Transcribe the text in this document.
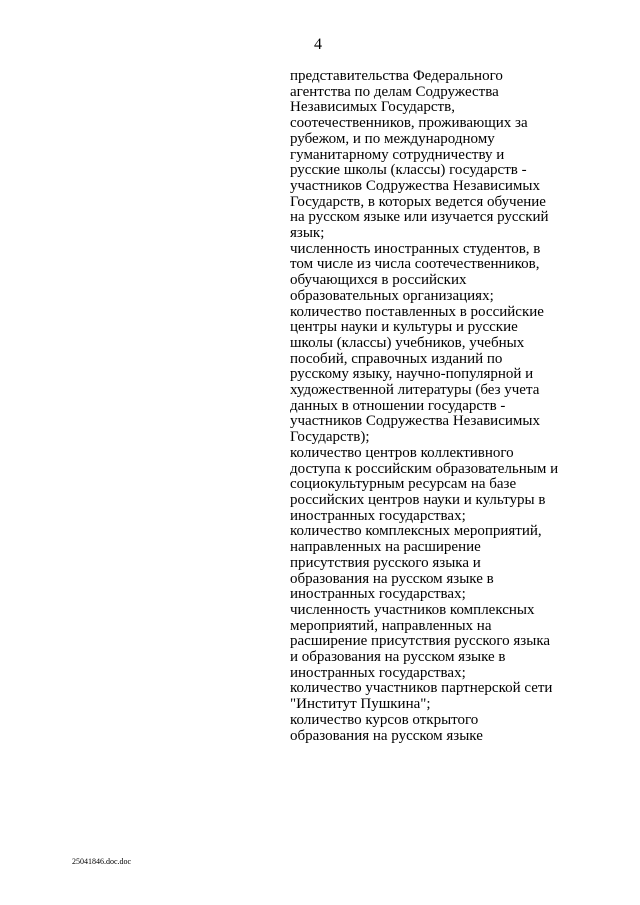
4
представительства Федерального
агентства по делам Содружества
Независимых Государств,
соотечественников, проживающих за
рубежом, и по международному
гуманитарному сотрудничеству и
русские школы (классы) государств -
участников Содружества Независимых
Государств, в которых ведется обучение
на русском языке или изучается русский
язык;
численность иностранных студентов, в
том числе из числа соотечественников,
обучающихся в российских
образовательных организациях;
количество поставленных в российские
центры науки и культуры и русские
школы (классы) учебников, учебных
пособий, справочных изданий по
русскому языку, научно-популярной и
художественной литературы (без учета
данных в отношении государств -
участников Содружества Независимых
Государств);
количество центров коллективного
доступа к российским образовательным и
социокультурным ресурсам на базе
российских центров науки и культуры в
иностранных государствах;
количество комплексных мероприятий,
направленных на расширение
присутствия русского языка и
образования на русском языке в
иностранных государствах;
численность участников комплексных
мероприятий, направленных на
расширение присутствия русского языка
и образования на русском языке в
иностранных государствах;
количество участников партнерской сети
"Институт Пушкина";
количество курсов открытого
образования на русском языке
25041846.doc.doc
